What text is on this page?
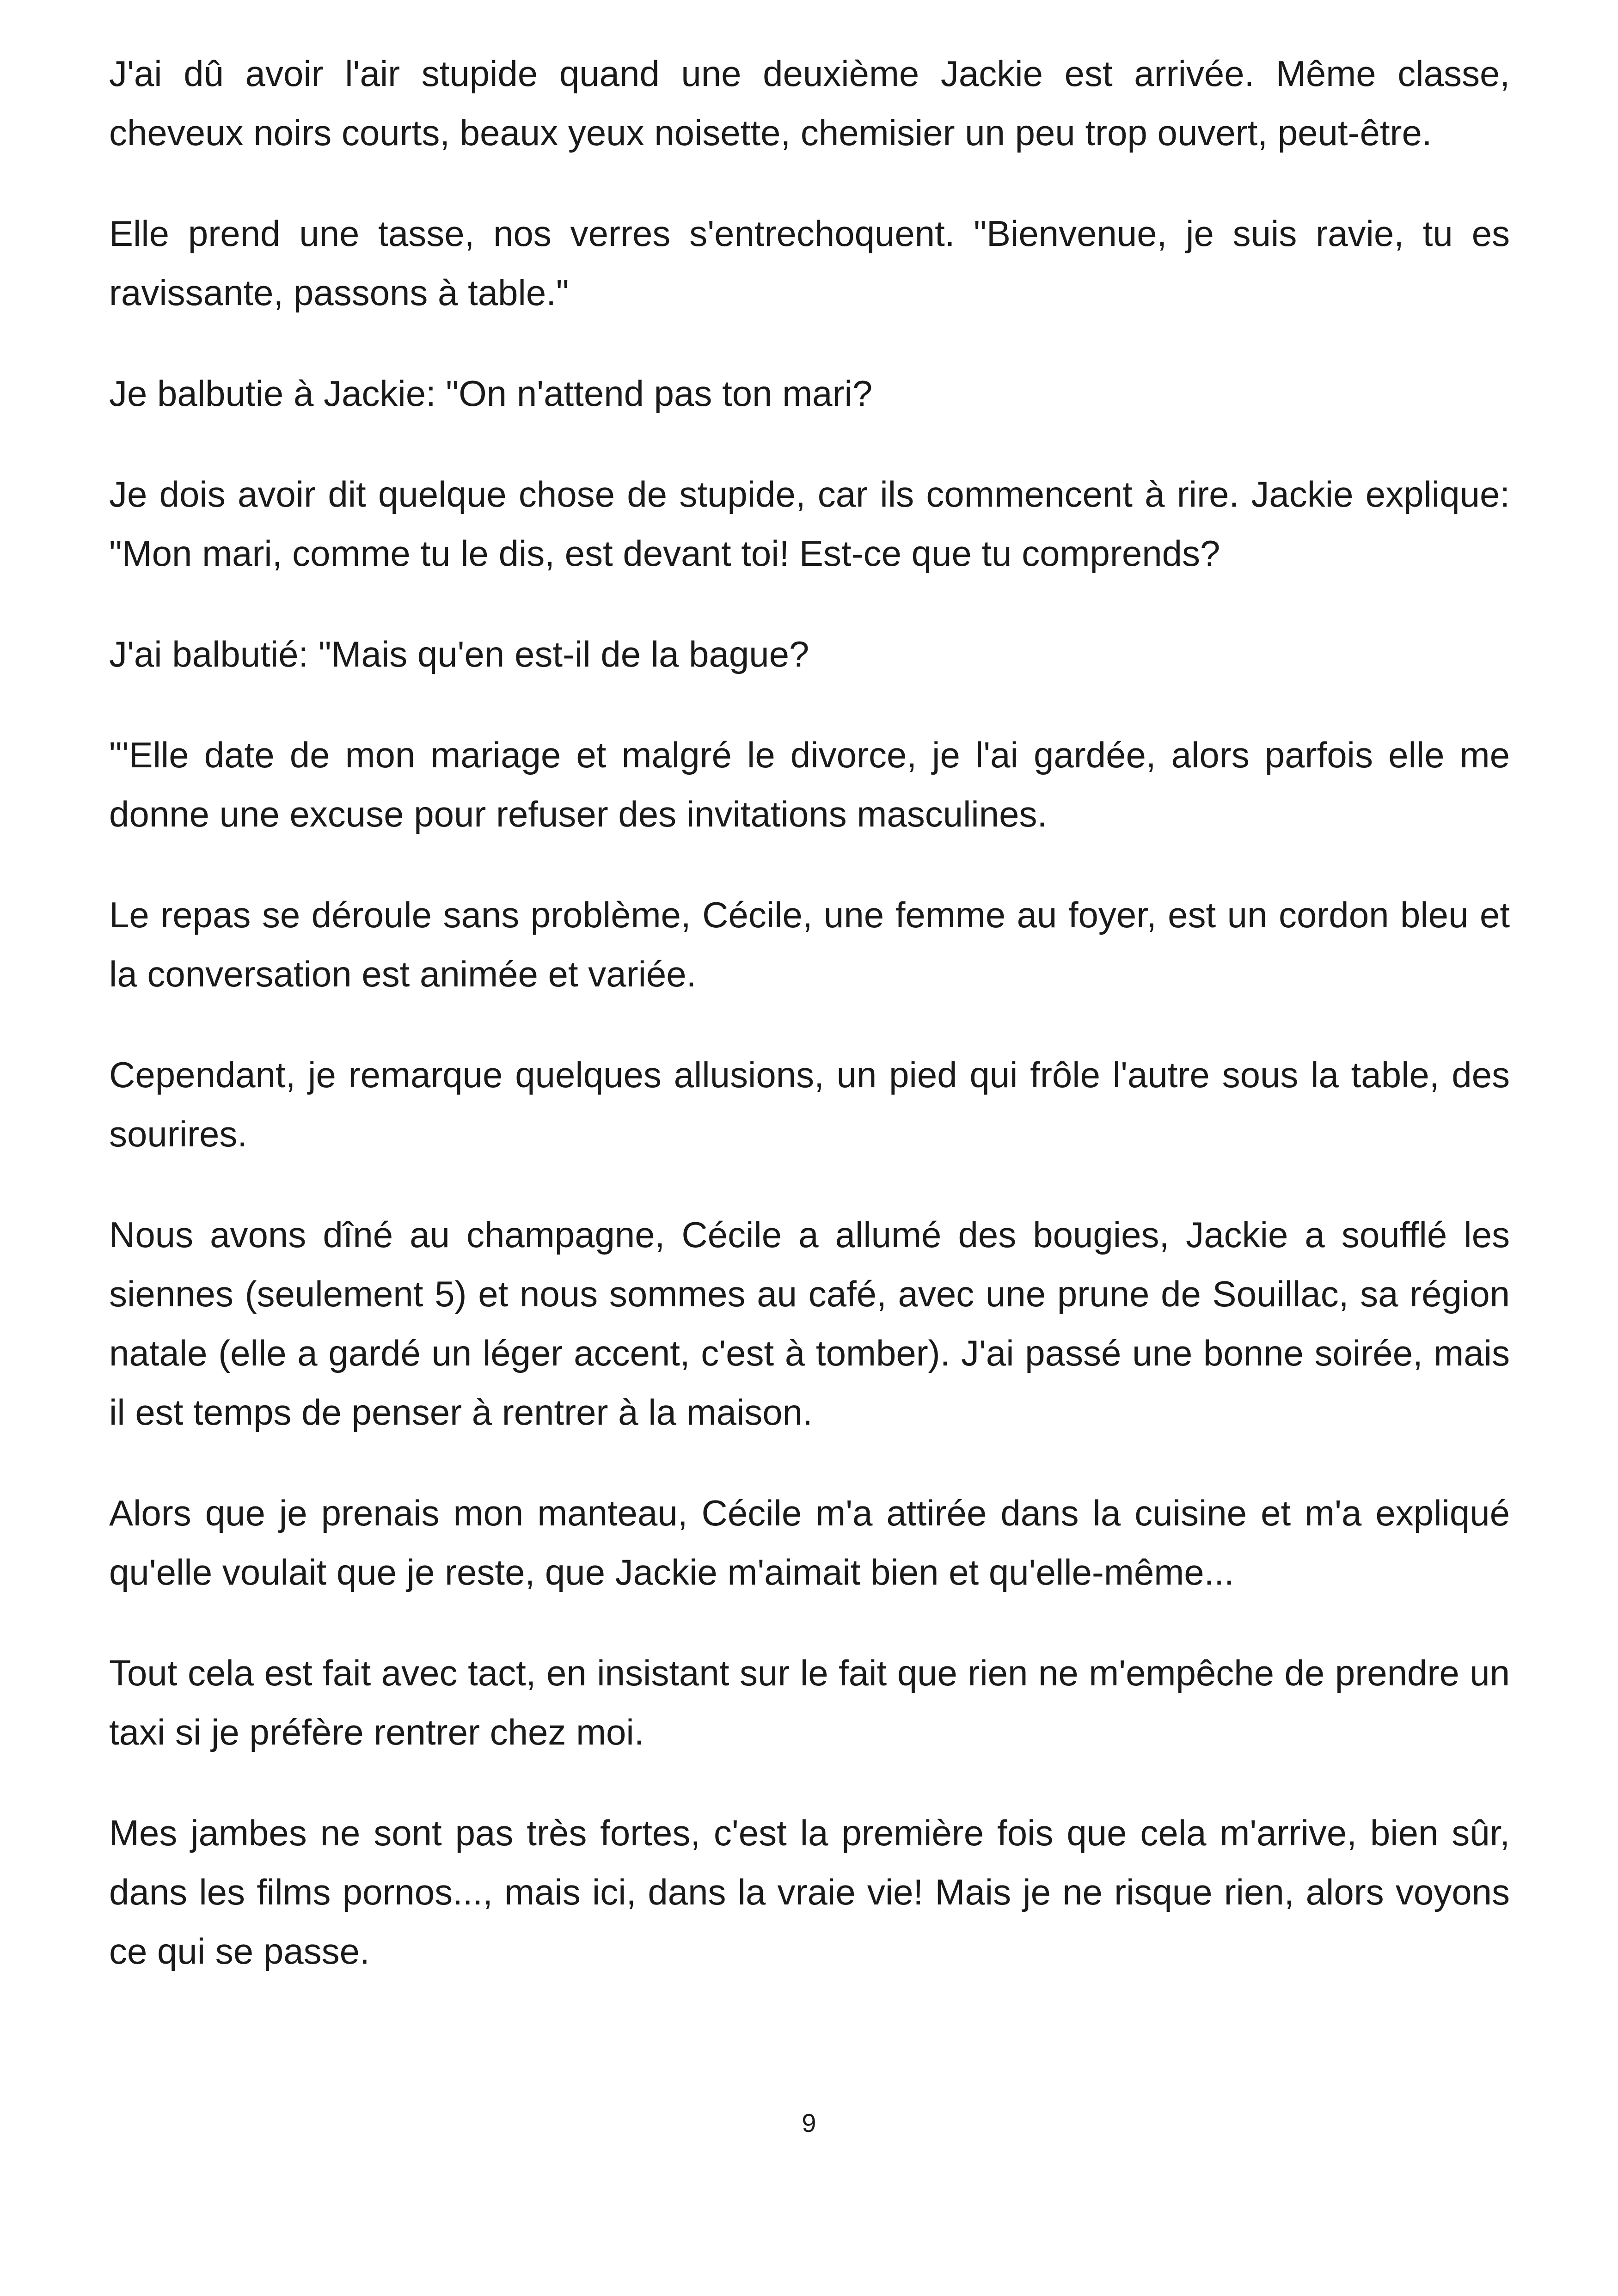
J'ai dû avoir l'air stupide quand une deuxième Jackie est arrivée. Même classe, cheveux noirs courts, beaux yeux noisette, chemisier un peu trop ouvert, peut-être.

Elle prend une tasse, nos verres s'entrechoquent. "Bienvenue, je suis ravie, tu es ravissante, passons à table."

Je balbutie à Jackie: "On n'attend pas ton mari?

Je dois avoir dit quelque chose de stupide, car ils commencent à rire. Jackie explique: "Mon mari, comme tu le dis, est devant toi! Est-ce que tu comprends?

J'ai balbutié: "Mais qu'en est-il de la bague?

"'Elle date de mon mariage et malgré le divorce, je l'ai gardée, alors parfois elle me donne une excuse pour refuser des invitations masculines.

Le repas se déroule sans problème, Cécile, une femme au foyer, est un cordon bleu et la conversation est animée et variée.

Cependant, je remarque quelques allusions, un pied qui frôle l'autre sous la table, des sourires.

Nous avons dîné au champagne, Cécile a allumé des bougies, Jackie a soufflé les siennes (seulement 5) et nous sommes au café, avec une prune de Souillac, sa région natale (elle a gardé un léger accent, c'est à tomber). J'ai passé une bonne soirée, mais il est temps de penser à rentrer à la maison.

Alors que je prenais mon manteau, Cécile m'a attirée dans la cuisine et m'a expliqué qu'elle voulait que je reste, que Jackie m'aimait bien et qu'elle-même...

Tout cela est fait avec tact, en insistant sur le fait que rien ne m'empêche de prendre un taxi si je préfère rentrer chez moi.

Mes jambes ne sont pas très fortes, c'est la première fois que cela m'arrive, bien sûr, dans les films pornos..., mais ici, dans la vraie vie! Mais je ne risque rien, alors voyons ce qui se passe.

9
